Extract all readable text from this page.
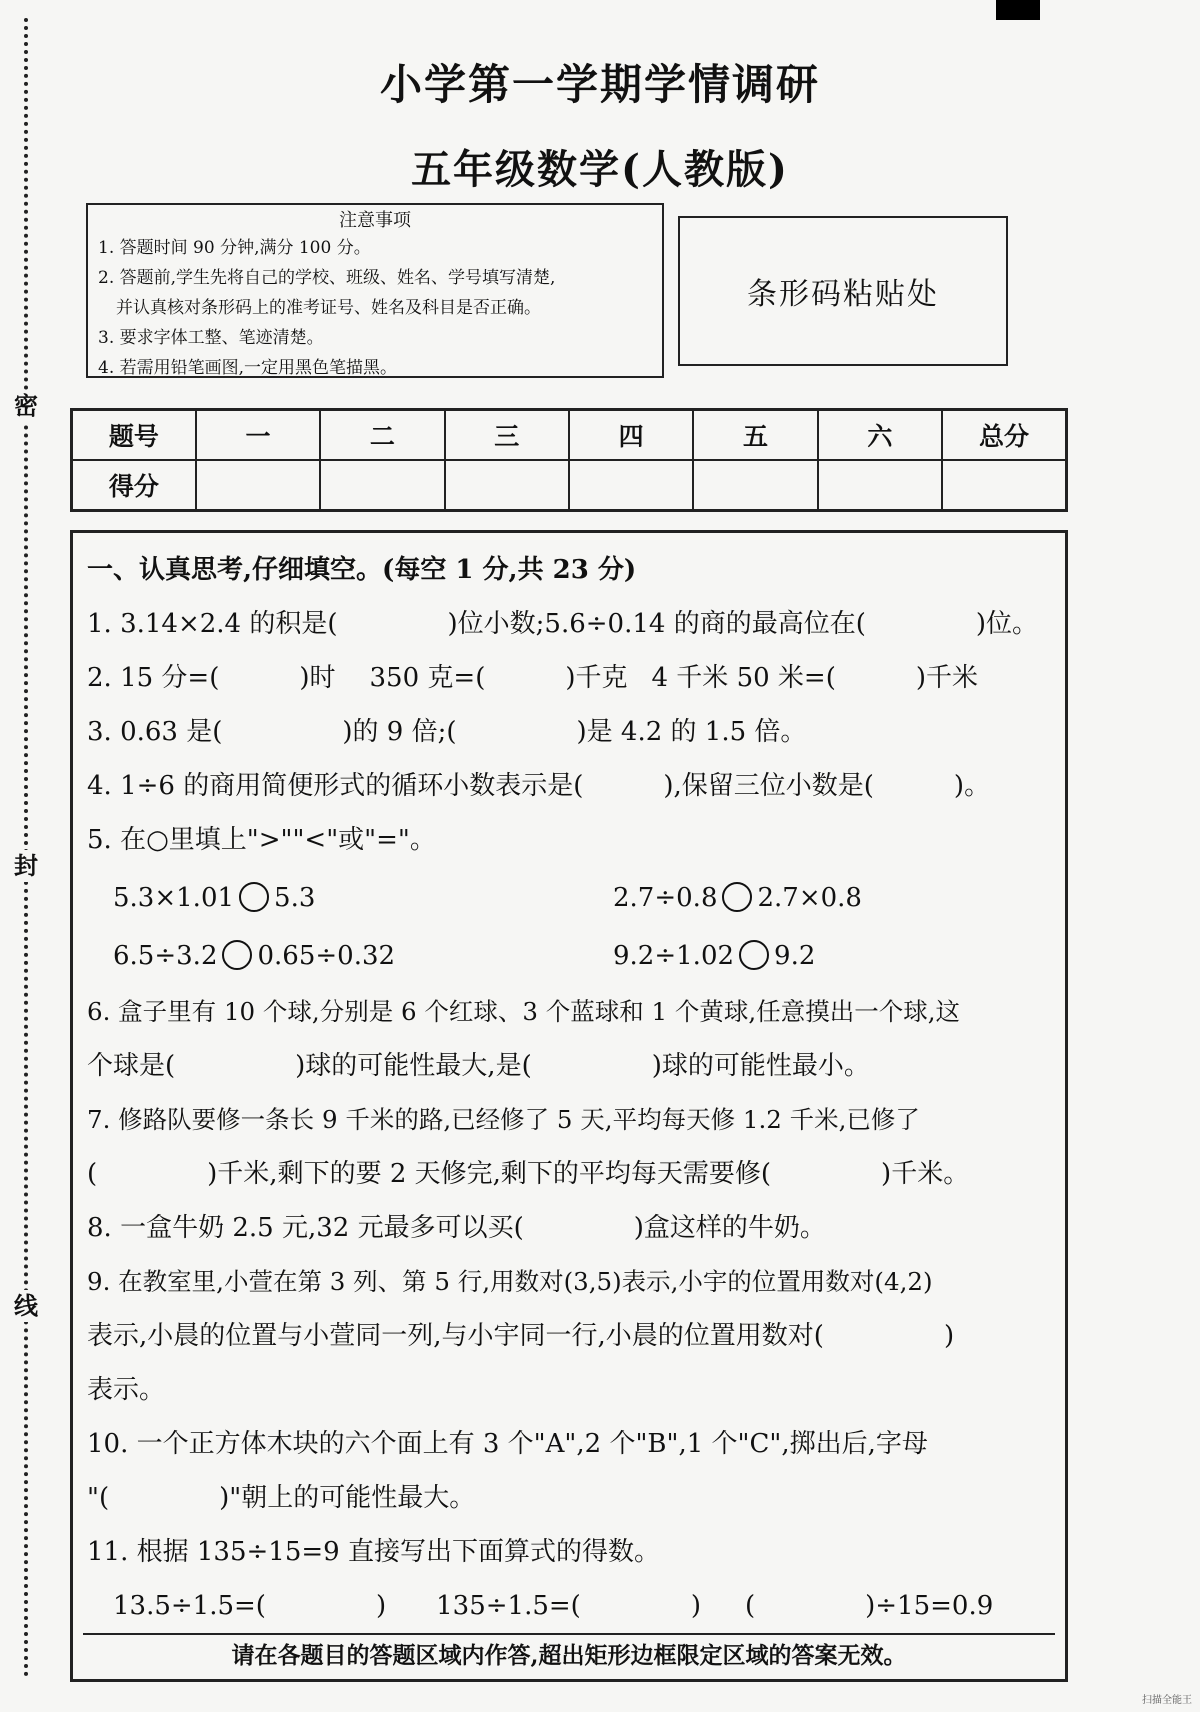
密
封
线
小学第一学期学情调研
五年级数学(人教版)
注意事项
1. 答题时间 90 分钟,满分 100 分。
2. 答题前,学生先将自己的学校、班级、姓名、学号填写清楚,
并认真核对条形码上的准考证号、姓名及科目是否正确。
3. 要求字体工整、笔迹清楚。
4. 若需用铅笔画图,一定用黑色笔描黑。
条形码粘贴处
题号	一	二	三	四	五	六	总分
得分							
一、认真思考,仔细填空。(每空 1 分,共 23 分)
1. 3.14×2.4 的积是(	)位小数;5.6÷0.14 的商的最高位在(	)位。
2. 15 分=(	)时 350 克=(	)千克 4 千米 50 米=(	)千米
3. 0.63 是(	)的 9 倍;(	)是 4.2 的 1.5 倍。
4. 1÷6 的商用简便形式的循环小数表示是(	),保留三位小数是(	)。
5. 在○里填上">""<"或"="。
5.3×1.01 5.3	2.7÷0.8 2.7×0.8
6.5÷3.2 0.65÷0.32	9.2÷1.02 9.2
6. 盒子里有 10 个球,分别是 6 个红球、3 个蓝球和 1 个黄球,任意摸出一个球,这
个球是(	)球的可能性最大,是(	)球的可能性最小。
7. 修路队要修一条长 9 千米的路,已经修了 5 天,平均每天修 1.2 千米,已修了
(	)千米,剩下的要 2 天修完,剩下的平均每天需要修(	)千米。
8. 一盒牛奶 2.5 元,32 元最多可以买(	)盒这样的牛奶。
9. 在教室里,小萱在第 3 列、第 5 行,用数对(3,5)表示,小宇的位置用数对(4,2)
表示,小晨的位置与小萱同一列,与小宇同一行,小晨的位置用数对(	)
表示。
10. 一个正方体木块的六个面上有 3 个"A",2 个"B",1 个"C",掷出后,字母
"(	)"朝上的可能性最大。
11. 根据 135÷15=9 直接写出下面算式的得数。
13.5÷1.5=(	) 135÷1.5=(	) (	)÷15=0.9
请在各题目的答题区域内作答,超出矩形边框限定区域的答案无效。
扫描全能王
